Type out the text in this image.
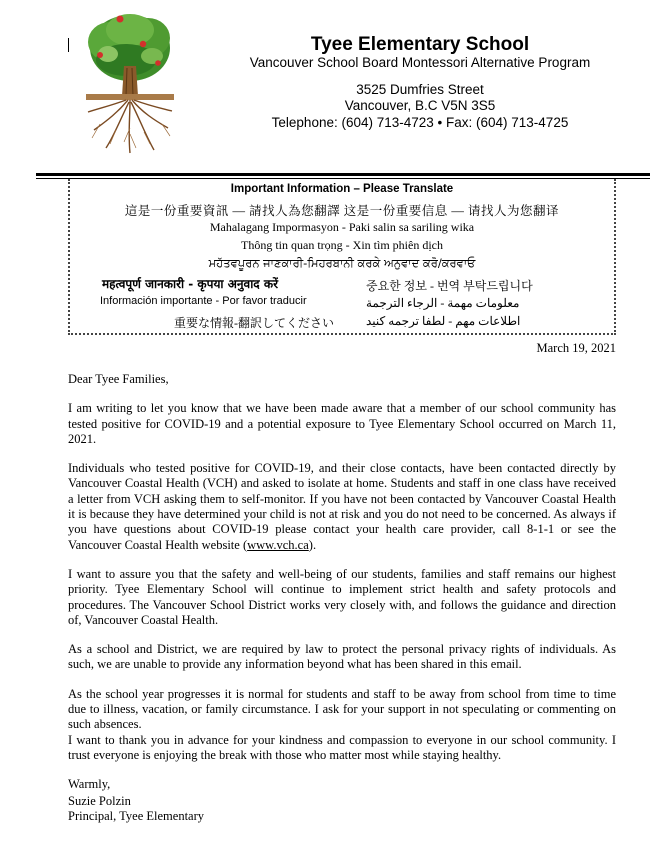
Tyee Elementary School
Vancouver School Board Montessori Alternative Program
3525 Dumfries Street
Vancouver, B.C V5N 3S5
Telephone: (604) 713-4723 • Fax: (604) 713-4725
Important Information – Please Translate
這是一份重要資訊 — 請找人為您翻譯 这是一份重要信息 — 请找人为您翻译
Mahalagang Impormasyon - Paki salin sa sariling wika
Thông tin quan trọng - Xin tìm phiên dịch
ਮਹੱਤਵਪੂਰਨ ਜਾਣਕਾਰੀ-ਮਿਹਰਬਾਨੀ ਕਰਕੇ ਅਨੁਵਾਦ ਕਰੋ/ਕਰਵਾਓ
महत्वपूर्ण जानकारी - कृपया अनुवाद करें
Información importante - Por favor traducir
重要な情報-翻訳してください
중요한 정보 - 번역 부탁드립니다
معلومات مهمة - الرجاء الترجمة
اطلاعات مهم - لطفا ترجمه کنید
March 19, 2021

Dear Tyee Families,

I am writing to let you know that we have been made aware that a member of our school community has tested positive for COVID-19 and a potential exposure to Tyee Elementary School occurred on March 11, 2021.

Individuals who tested positive for COVID-19, and their close contacts, have been contacted directly by Vancouver Coastal Health (VCH) and asked to isolate at home. Students and staff in one class have received a letter from VCH asking them to self-monitor. If you have not been contacted by Vancouver Coastal Health it is because they have determined your child is not at risk and you do not need to be concerned. As always if you have questions about COVID-19 please contact your health care provider, call 8-1-1 or see the Vancouver Coastal Health website (www.vch.ca).

I want to assure you that the safety and well-being of our students, families and staff remains our highest priority. Tyee Elementary School will continue to implement strict health and safety protocols and procedures. The Vancouver School District works very closely with, and follows the guidance and direction of, Vancouver Coastal Health.

As a school and District, we are required by law to protect the personal privacy rights of individuals. As such, we are unable to provide any information beyond what has been shared in this email.

As the school year progresses it is normal for students and staff to be away from school from time to time due to illness, vacation, or family circumstance. I ask for your support in not speculating or commenting on such absences.

I want to thank you in advance for your kindness and compassion to everyone in our school community. I trust everyone is enjoying the break with those who matter most while staying healthy.

Warmly,

Suzie Polzin
Principal, Tyee Elementary
